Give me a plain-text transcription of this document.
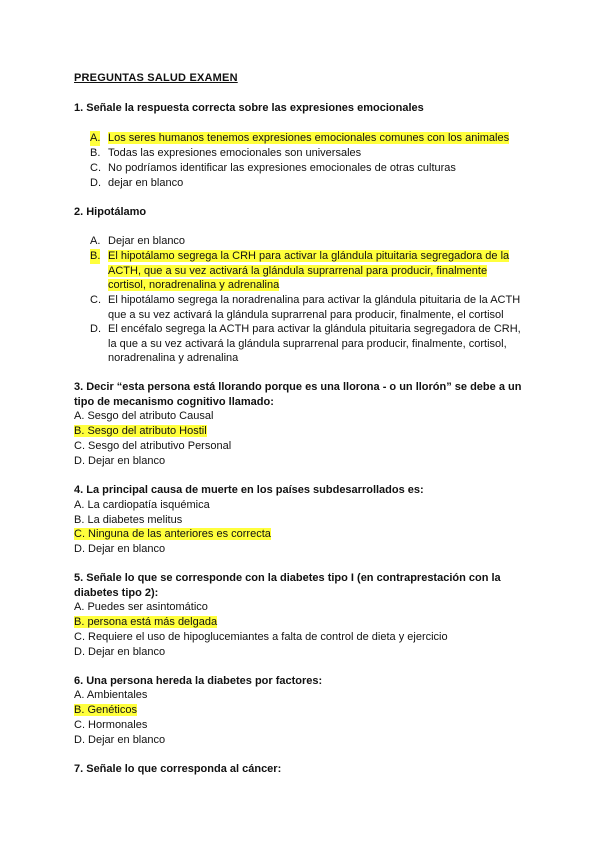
PREGUNTAS SALUD EXAMEN
1. Señale la respuesta correcta sobre las expresiones emocionales
A. Los seres humanos tenemos expresiones emocionales comunes con los animales
B. Todas las expresiones emocionales son universales
C. No podríamos identificar las expresiones emocionales de otras culturas
D. dejar en blanco
2. Hipotálamo
A. Dejar en blanco
B. El hipotálamo segrega la CRH para activar la glándula pituitaria segregadora de la
ACTH, que a su vez activará la glándula suprarrenal para producir, finalmente
cortisol, noradrenalina y adrenalina
C. El hipotálamo segrega la noradrenalina para activar la glándula pituitaria de la ACTH que a su vez activará la glándula suprarrenal para producir, finalmente, el cortisol
D. El encéfalo segrega la ACTH para activar la glándula pituitaria segregadora de CRH, la que a su vez activará la glándula suprarrenal para producir, finalmente, cortisol, noradrenalina y adrenalina
3. Decir “esta persona está llorando porque es una llorona - o un llorón” se debe a un tipo de mecanismo cognitivo llamado:
A. Sesgo del atributo Causal
B. Sesgo del atributo Hostil
C. Sesgo del atributivo Personal
D. Dejar en blanco
4. La principal causa de muerte en los países subdesarrollados es:
A. La cardiopatía isquémica
B. La diabetes melitus
C. Ninguna de las anteriores es correcta
D. Dejar en blanco
5. Señale lo que se corresponde con la diabetes tipo I (en contraprestación con la diabetes tipo 2):
A. Puedes ser asintomático
B. persona está más delgada
C. Requiere el uso de hipoglucemiantes a falta de control de dieta y ejercicio
D. Dejar en blanco
6. Una persona hereda la diabetes por factores:
A. Ambientales
B. Genéticos
C. Hormonales
D. Dejar en blanco
7. Señale lo que corresponda al cáncer:
